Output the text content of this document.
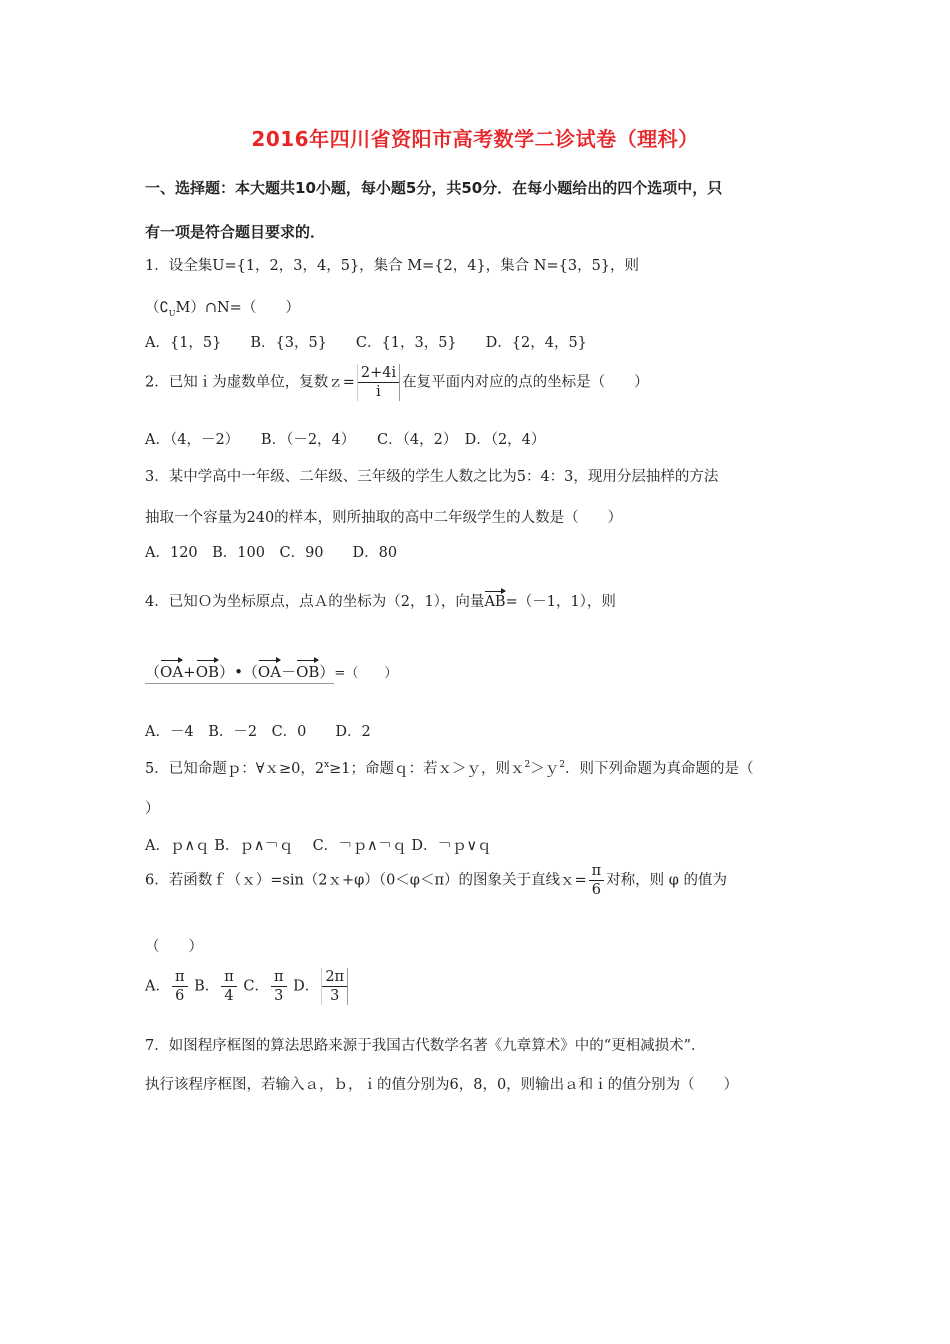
2016年四川省资阳市高考数学二诊试卷（理科）
一、选择题：本大题共10小题，每小题5分，共50分．在每小题给出的四个选项中，只
有一项是符合题目要求的．
1．设全集U={1，2，3，4，5}，集合 M={2，4}，集合 N={3，5}，则
$(∁_UM)\cap N=$（　　）
A．{1，5}　　B．{3，5}　　C．{1，3，5}　　D．{2，4，5}
2．已知ｉ为虚数单位，复数ｚ= $\frac{2+4i}{i}$ 在复平面内对应的点的坐标是（　　）
A．（4，－2）　　B．（－2，4）　　C．（4，2）　D．（2，4）
3．某中学高中一年级、二年级、三年级的学生人数之比为5：4：3，现用分层抽样的方法
抽取一个容量为240的样本，则所抽取的高中二年级学生的人数是（　　）
A．120　B．100　C．90　　D．80
4．已知Ｏ为坐标原点，点Ａ的坐标为（2，1），向量AB=（－1，1），则
（OA+OB）•（OA－OB）=（　　）
A．－4　B．－2　C．0　　D．2
5．已知命题ｐ：∀ｘ≥0，$2^x\ge 1$；命题ｑ：若ｘ＞ｙ，则ｘ$^2$＞ｙ$^2$．则下列命题为真命题的是（
）
A．ｐ∧ｑ B．ｐ∧￢ｑ　 C．￢ｐ∧￢ｑ D．￢ｐ∨ｑ
6．若函数ｆ（ｘ）=sin（2ｘ+φ）（0＜φ＜π）的图象关于直线ｘ= $\frac{\pi}{6}$ 对称，则 φ 的值为
（　　）
A． $\frac{\pi}{6}$ B． $\frac{\pi}{4}$ C． $\frac{\pi}{3}$ D． $\frac{2\pi}{3}$
7．如图程序框图的算法思路来源于我国古代数学名著《九章算术》中的“更相减损术”．
执行该程序框图，若输入ａ，ｂ，ｉ的值分别为6，8，0，则输出ａ和ｉ的值分别为（　　）
